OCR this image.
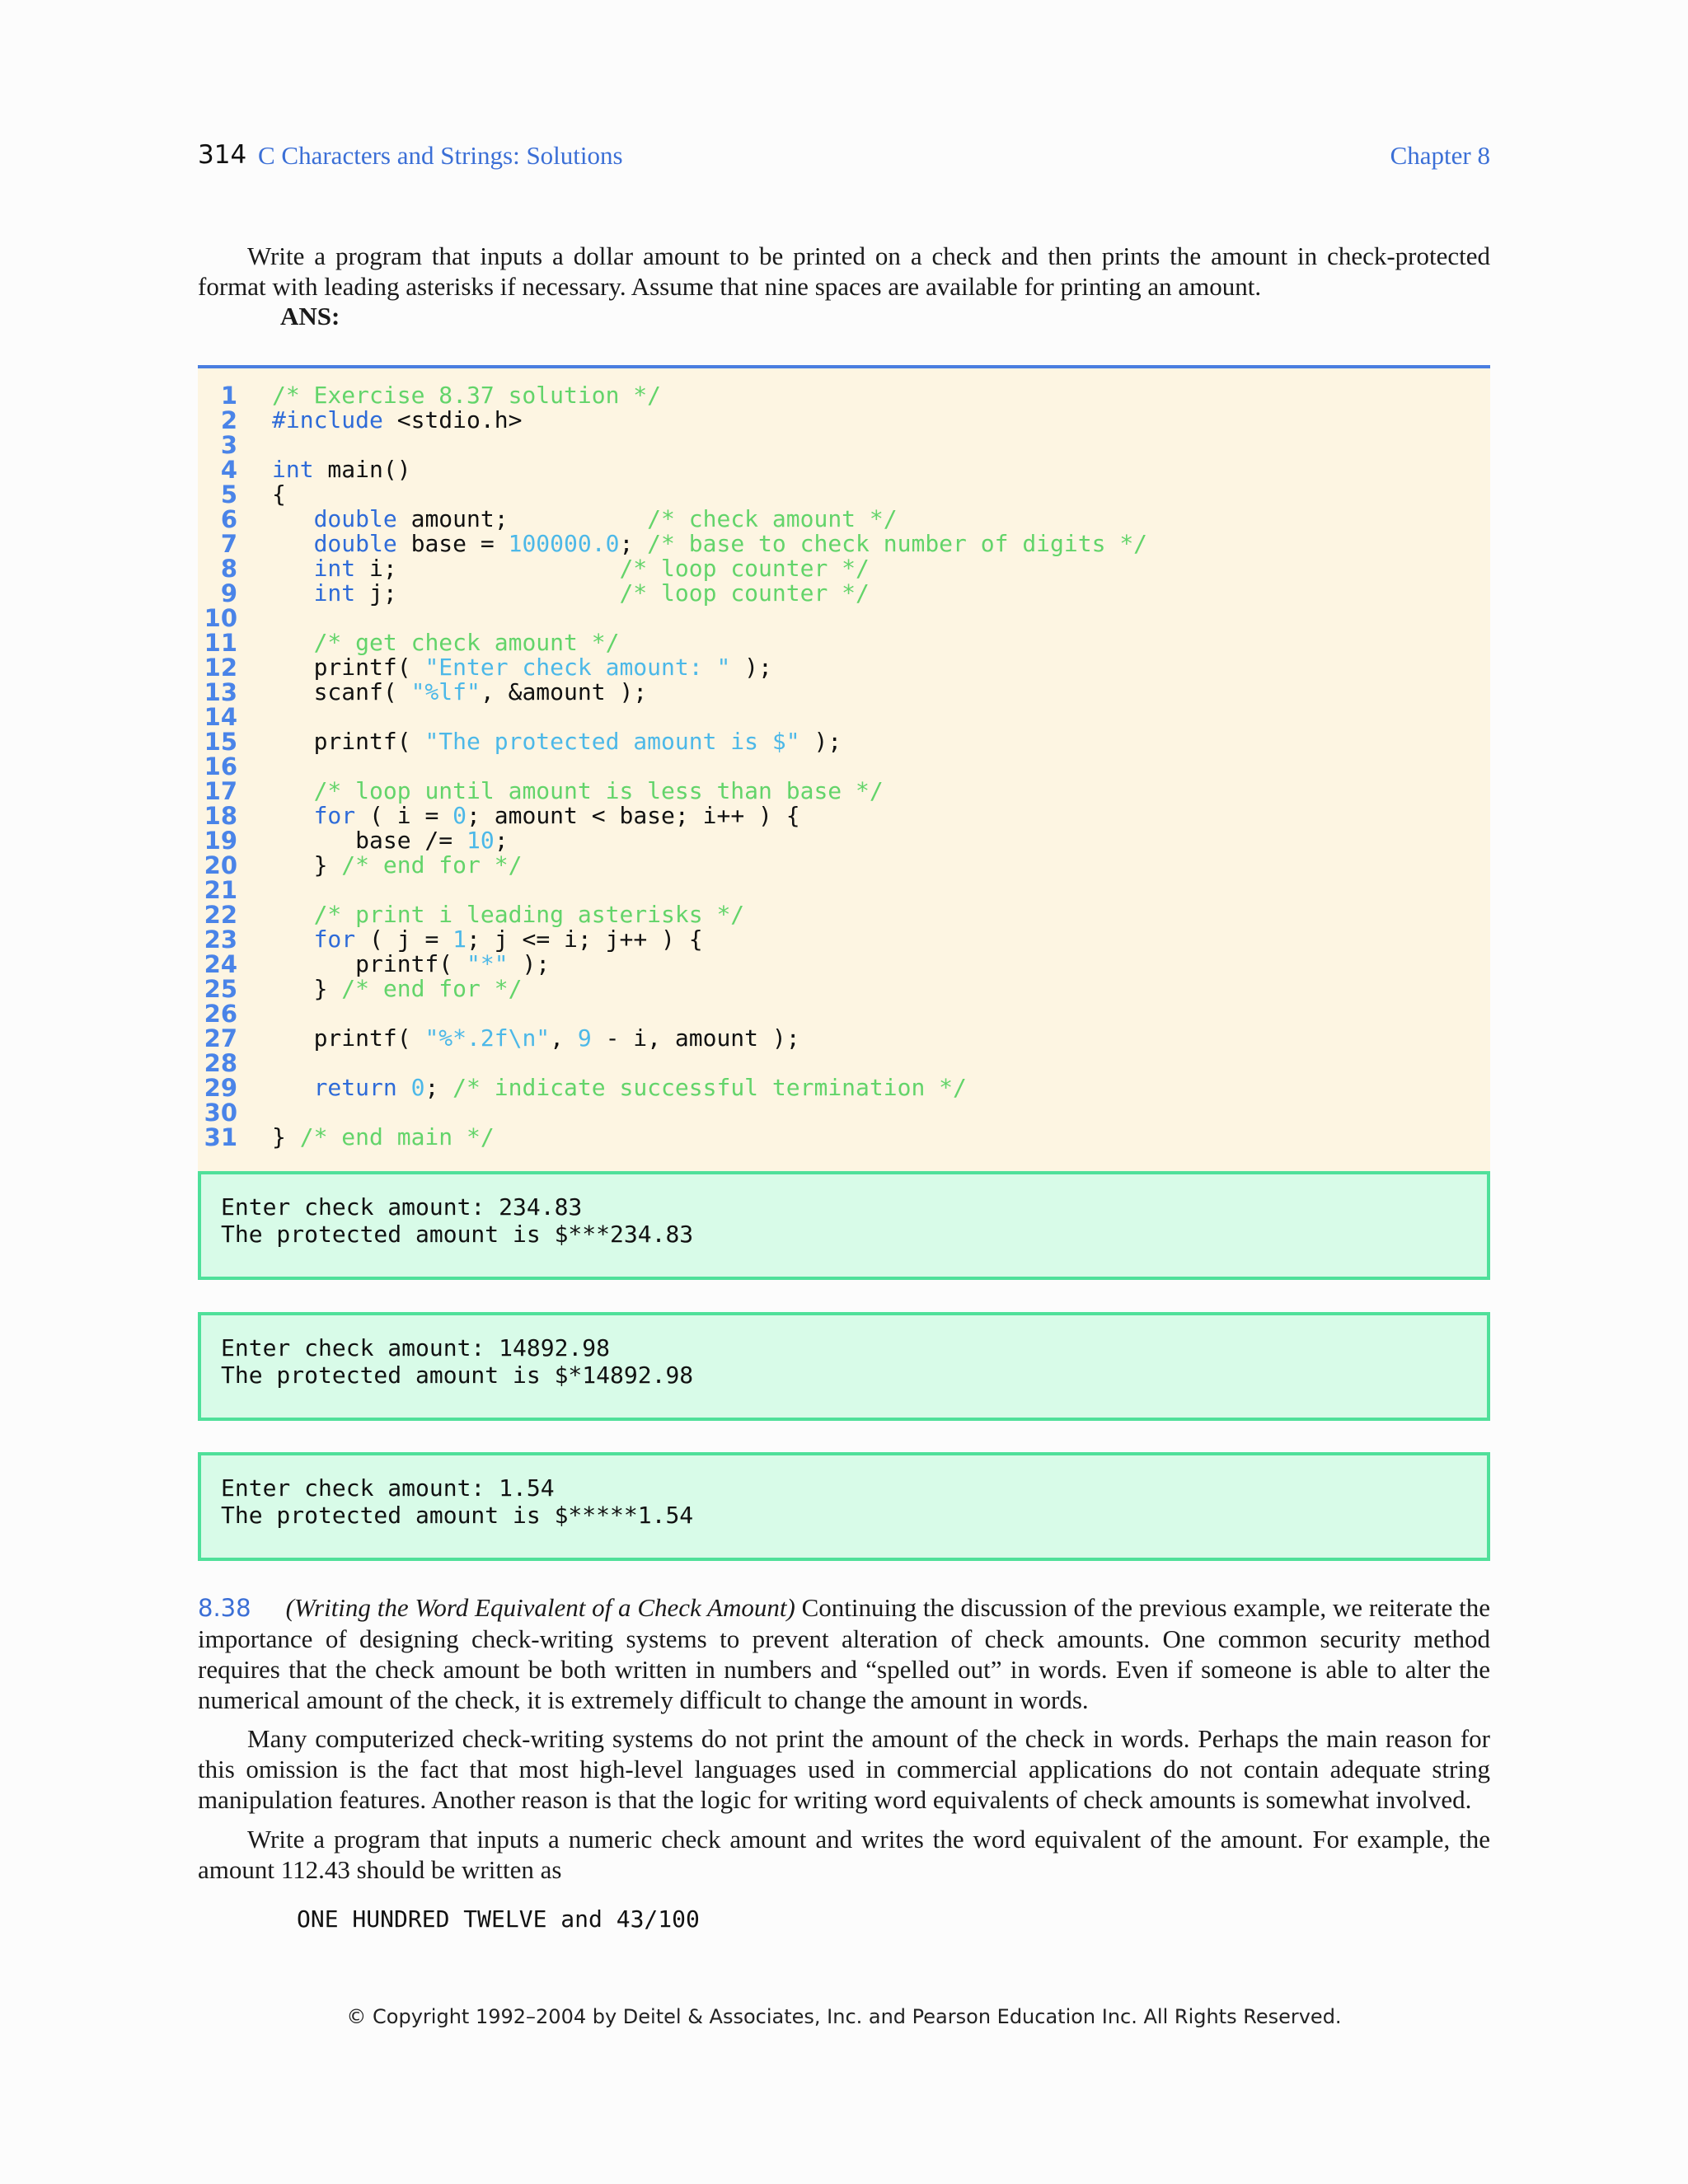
314 C Characters and Strings: Solutions	Chapter 8
Write a program that inputs a dollar amount to be printed on a check and then prints the amount in check-protected format with leading asterisks if necessary. Assume that nine spaces are available for printing an amount.
ANS:
1 /* Exercise 8.37 solution */
2 #include <stdio.h>
3
4 int main()
5 {
6	double amount;          /* check amount */
7	double base = 100000.0; /* base to check number of digits */
8	int i;                /* loop counter */
9	int j;                /* loop counter */
10
11	/* get check amount */
12 printf( "Enter check amount: " );
13 scanf( "%lf", &amount );
14
15 printf( "The protected amount is $" );
16
17	/* loop until amount is less than base */
18	for ( i = 0; amount < base; i++ ) {
19 base /= 10;
20 } /* end for */
21
22	/* print i leading asterisks */
23	for ( j = 1; j <= i; j++ ) {
24 printf( "*" );
25 } /* end for */
26
27 printf( "%*.2f\n", 9 - i, amount );
28
29	return 0; /* indicate successful termination */
30
31 } /* end main */
Enter check amount: 234.83
The protected amount is $***234.83
Enter check amount: 14892.98
The protected amount is $*14892.98
Enter check amount: 1.54
The protected amount is $*****1.54
8.38 (Writing the Word Equivalent of a Check Amount) Continuing the discussion of the previous example, we reiterate the importance of designing check-writing systems to prevent alteration of check amounts. One common security method requires that the check amount be both written in numbers and “spelled out” in words. Even if someone is able to alter the numerical amount of the check, it is extremely difficult to change the amount in words.
Many computerized check-writing systems do not print the amount of the check in words. Perhaps the main reason for this omission is the fact that most high-level languages used in commercial applications do not contain adequate string manipulation features. Another reason is that the logic for writing word equivalents of check amounts is somewhat involved.
Write a program that inputs a numeric check amount and writes the word equivalent of the amount. For example, the amount 112.43 should be written as
ONE HUNDRED TWELVE and 43/100
© Copyright 1992–2004 by Deitel & Associates, Inc. and Pearson Education Inc. All Rights Reserved.
